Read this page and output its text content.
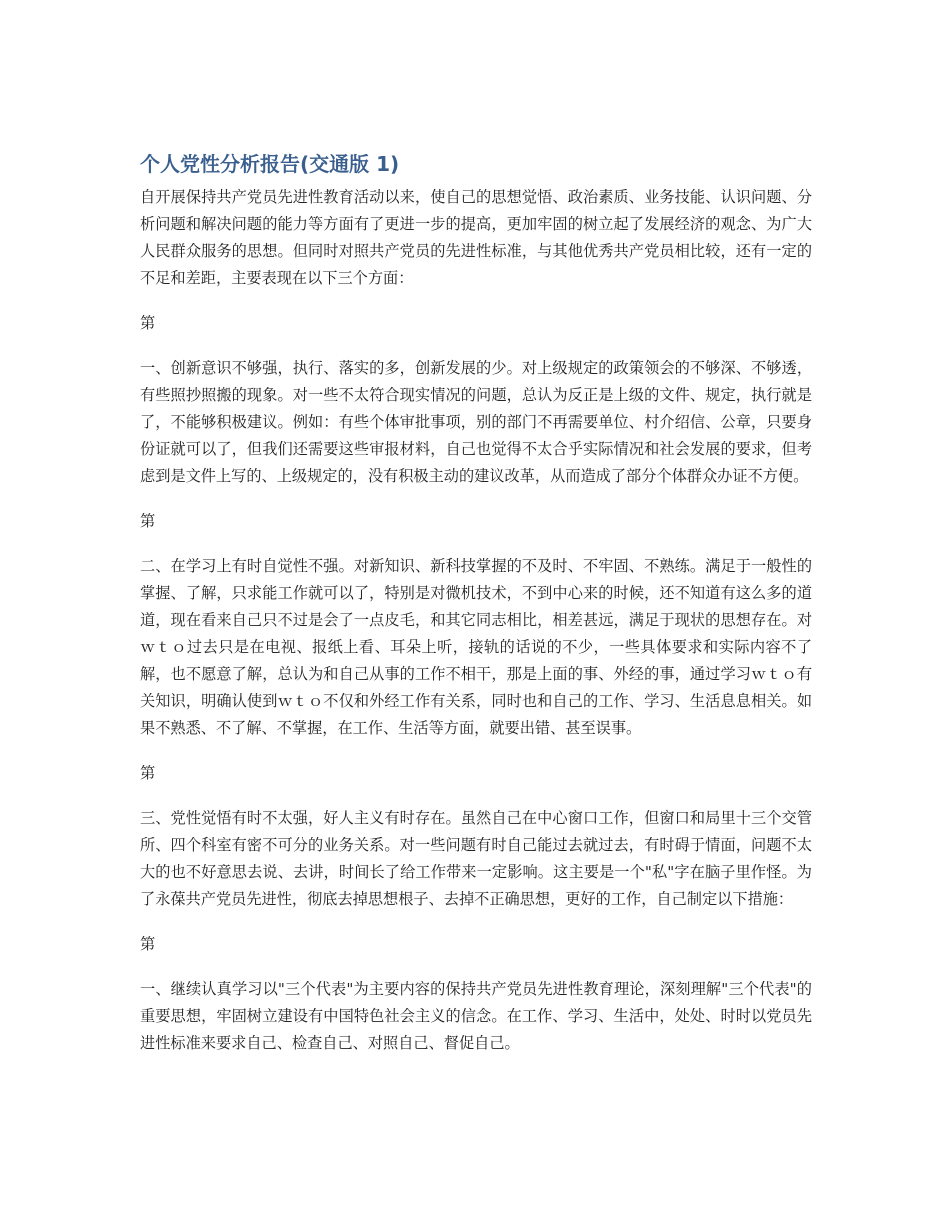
个人党性分析报告(交通版 1)

自开展保持共产党员先进性教育活动以来，使自己的思想觉悟、政治素质、业务技能、认识问题、分析问题和解决问题的能力等方面有了更进一步的提高，更加牢固的树立起了发展经济的观念、为广大人民群众服务的思想。但同时对照共产党员的先进性标准，与其他优秀共产党员相比较，还有一定的不足和差距，主要表现在以下三个方面：

第

一、创新意识不够强，执行、落实的多，创新发展的少。对上级规定的政策领会的不够深、不够透，有些照抄照搬的现象。对一些不太符合现实情况的问题，总认为反正是上级的文件、规定，执行就是了，不能够积极建议。例如：有些个体审批事项，别的部门不再需要单位、村介绍信、公章，只要身份证就可以了，但我们还需要这些审报材料，自己也觉得不太合乎实际情况和社会发展的要求，但考虑到是文件上写的、上级规定的，没有积极主动的建议改革，从而造成了部分个体群众办证不方便。

第

二、在学习上有时自觉性不强。对新知识、新科技掌握的不及时、不牢固、不熟练。满足于一般性的掌握、了解，只求能工作就可以了，特别是对微机技术，不到中心来的时候，还不知道有这么多的道道，现在看来自己只不过是会了一点皮毛，和其它同志相比，相差甚远，满足于现状的思想存在。对ｗｔｏ过去只是在电视、报纸上看、耳朵上听，接轨的话说的不少，一些具体要求和实际内容不了解，也不愿意了解，总认为和自己从事的工作不相干，那是上面的事、外经的事，通过学习ｗｔｏ有关知识，明确认使到ｗｔｏ不仅和外经工作有关系，同时也和自己的工作、学习、生活息息相关。如果不熟悉、不了解、不掌握，在工作、生活等方面，就要出错、甚至误事。

第

三、党性觉悟有时不太强，好人主义有时存在。虽然自己在中心窗口工作，但窗口和局里十三个交管所、四个科室有密不可分的业务关系。对一些问题有时自己能过去就过去，有时碍于情面，问题不太大的也不好意思去说、去讲，时间长了给工作带来一定影响。这主要是一个"私"字在脑子里作怪。为了永葆共产党员先进性，彻底去掉思想根子、去掉不正确思想，更好的工作，自己制定以下措施：

第

一、继续认真学习以"三个代表"为主要内容的保持共产党员先进性教育理论，深刻理解"三个代表"的重要思想，牢固树立建设有中国特色社会主义的信念。在工作、学习、生活中，处处、时时以党员先进性标准来要求自己、检查自己、对照自己、督促自己。
